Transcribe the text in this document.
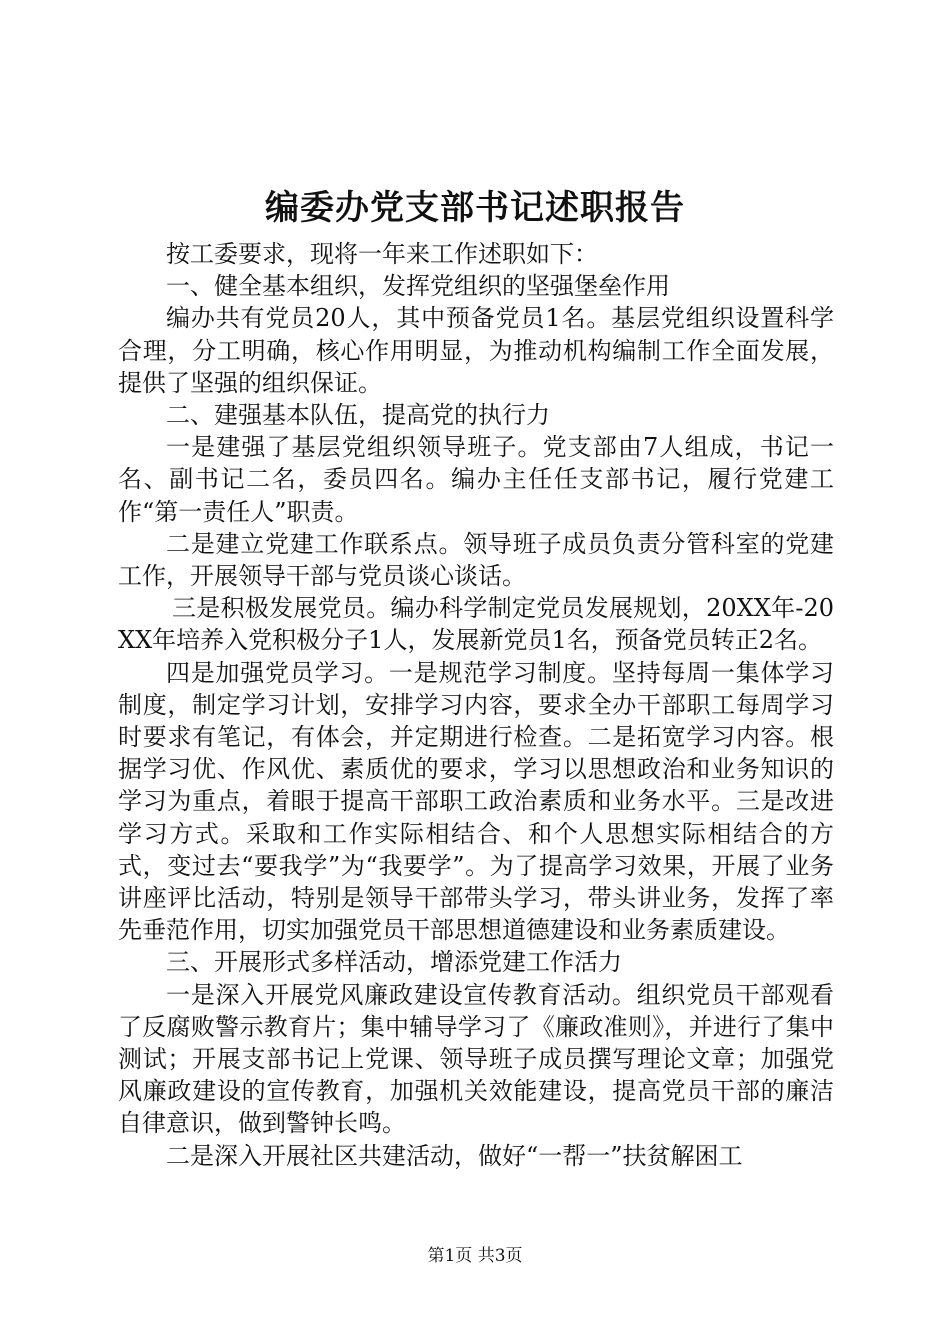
编委办党支部书记述职报告

按工委要求，现将一年来工作述职如下：

一、健全基本组织，发挥党组织的坚强堡垒作用

编办共有党员20人，其中预备党员1名。基层党组织设置科学合理，分工明确，核心作用明显，为推动机构编制工作全面发展，提供了坚强的组织保证。

二、建强基本队伍，提高党的执行力

一是建强了基层党组织领导班子。党支部由7人组成，书记一名、副书记二名，委员四名。编办主任任支部书记，履行党建工作“第一责任人”职责。

二是建立党建工作联系点。领导班子成员负责分管科室的党建工作，开展领导干部与党员谈心谈话。

三是积极发展党员。编办科学制定党员发展规划，20XX年-20XX年培养入党积极分子1人，发展新党员1名，预备党员转正2名。

四是加强党员学习。一是规范学习制度。坚持每周一集体学习制度，制定学习计划，安排学习内容，要求全办干部职工每周学习时要求有笔记，有体会，并定期进行检查。二是拓宽学习内容。根据学习优、作风优、素质优的要求，学习以思想政治和业务知识的学习为重点，着眼于提高干部职工政治素质和业务水平。三是改进学习方式。采取和工作实际相结合、和个人思想实际相结合的方式，变过去“要我学”为“我要学”。为了提高学习效果，开展了业务讲座评比活动，特别是领导干部带头学习，带头讲业务，发挥了率先垂范作用，切实加强党员干部思想道德建设和业务素质建设。

三、开展形式多样活动，增添党建工作活力

一是深入开展党风廉政建设宣传教育活动。组织党员干部观看了反腐败警示教育片；集中辅导学习了《廉政准则》，并进行了集中测试；开展支部书记上党课、领导班子成员撰写理论文章；加强党风廉政建设的宣传教育，加强机关效能建设，提高党员干部的廉洁自律意识，做到警钟长鸣。

二是深入开展社区共建活动，做好“一帮一”扶贫解困工

第1页 共3页
